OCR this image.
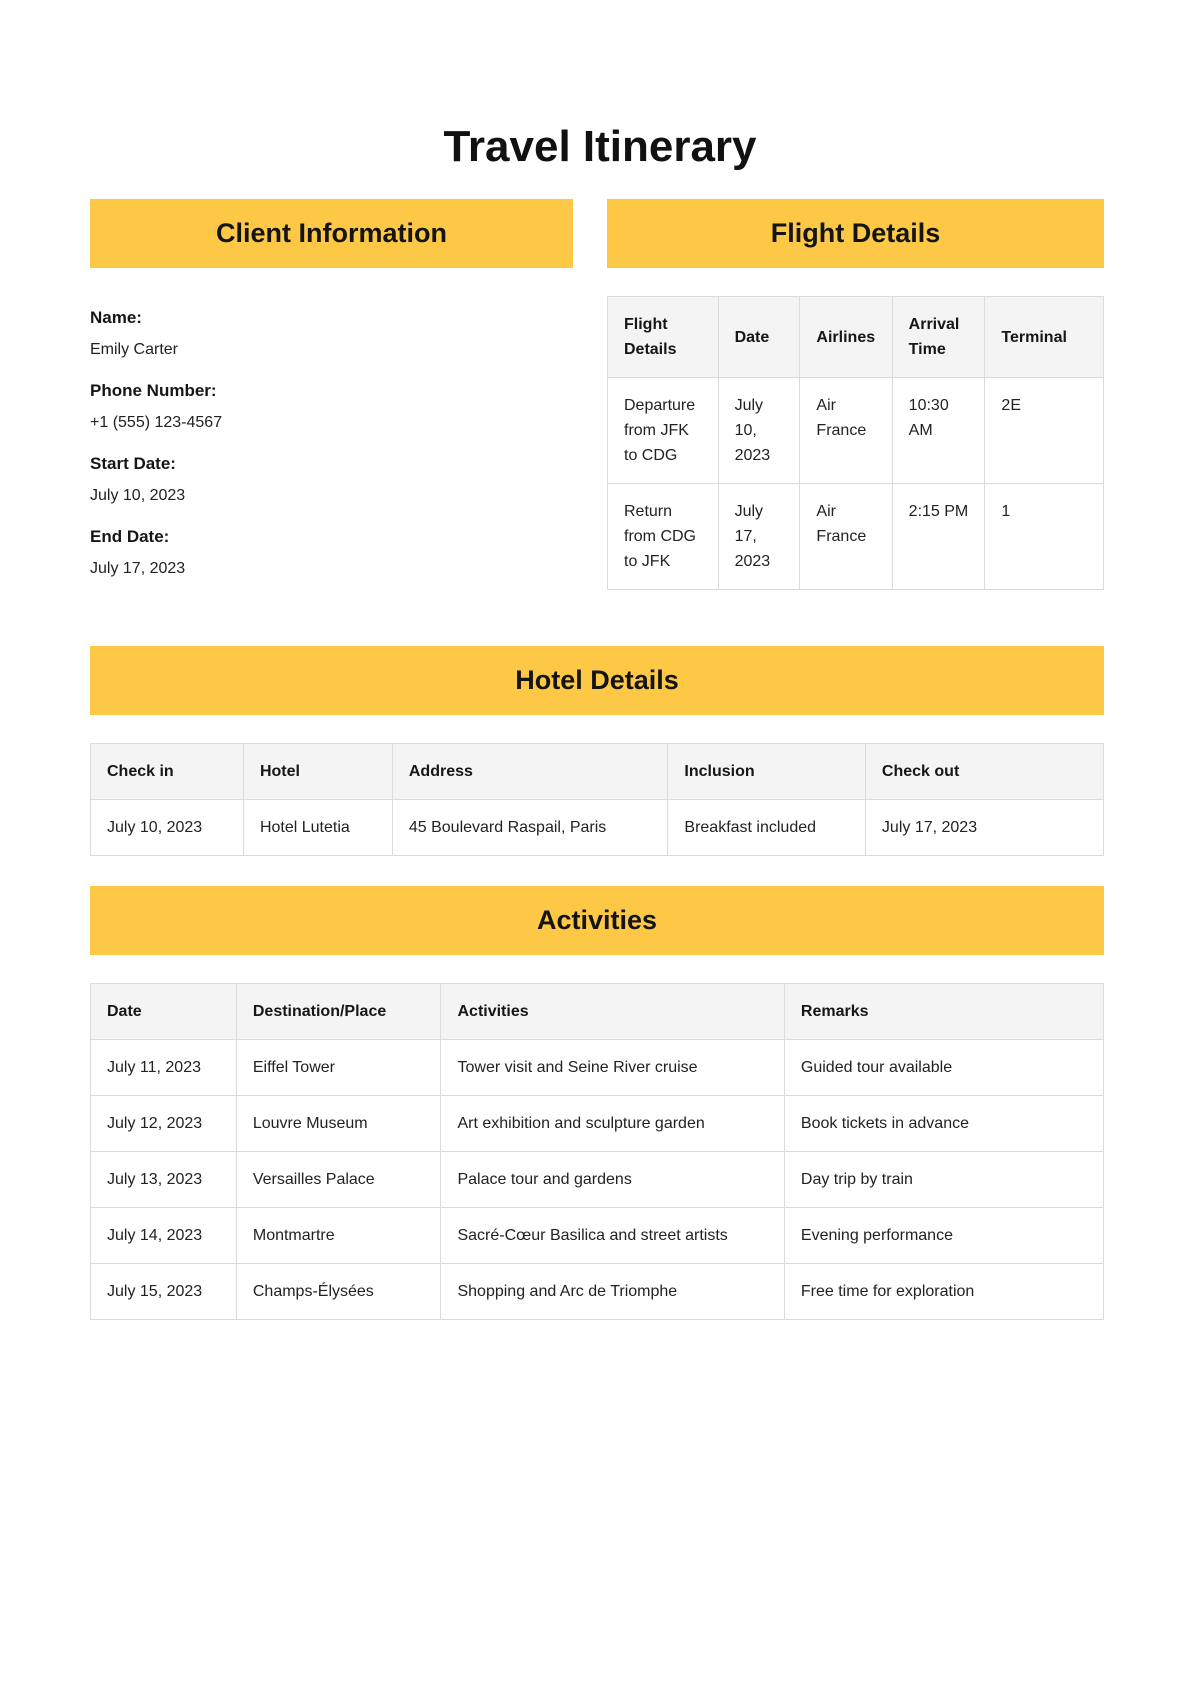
Travel Itinerary
Client Information

Name:

Emily Carter

Phone Number:

+1 (555) 123-4567

Start Date:

July 10, 2023

End Date:

July 17, 2023

Flight Details
Flight Details	Date	Airlines	Arrival Time	Terminal
Departure from JFK to CDG	July 10, 2023	Air France	10:30 AM	2E
Return from CDG to JFK	July 17, 2023	Air France	2:15 PM	1
Hotel Details
Check in	Hotel	Address	Inclusion	Check out
July 10, 2023	Hotel Lutetia	45 Boulevard Raspail, Paris	Breakfast included	July 17, 2023
Activities
Date	Destination/Place	Activities	Remarks
July 11, 2023	Eiffel Tower	Tower visit and Seine River cruise	Guided tour available
July 12, 2023	Louvre Museum	Art exhibition and sculpture garden	Book tickets in advance
July 13, 2023	Versailles Palace	Palace tour and gardens	Day trip by train
July 14, 2023	Montmartre	Sacré-Cœur Basilica and street artists	Evening performance
July 15, 2023	Champs-Élysées	Shopping and Arc de Triomphe	Free time for exploration
